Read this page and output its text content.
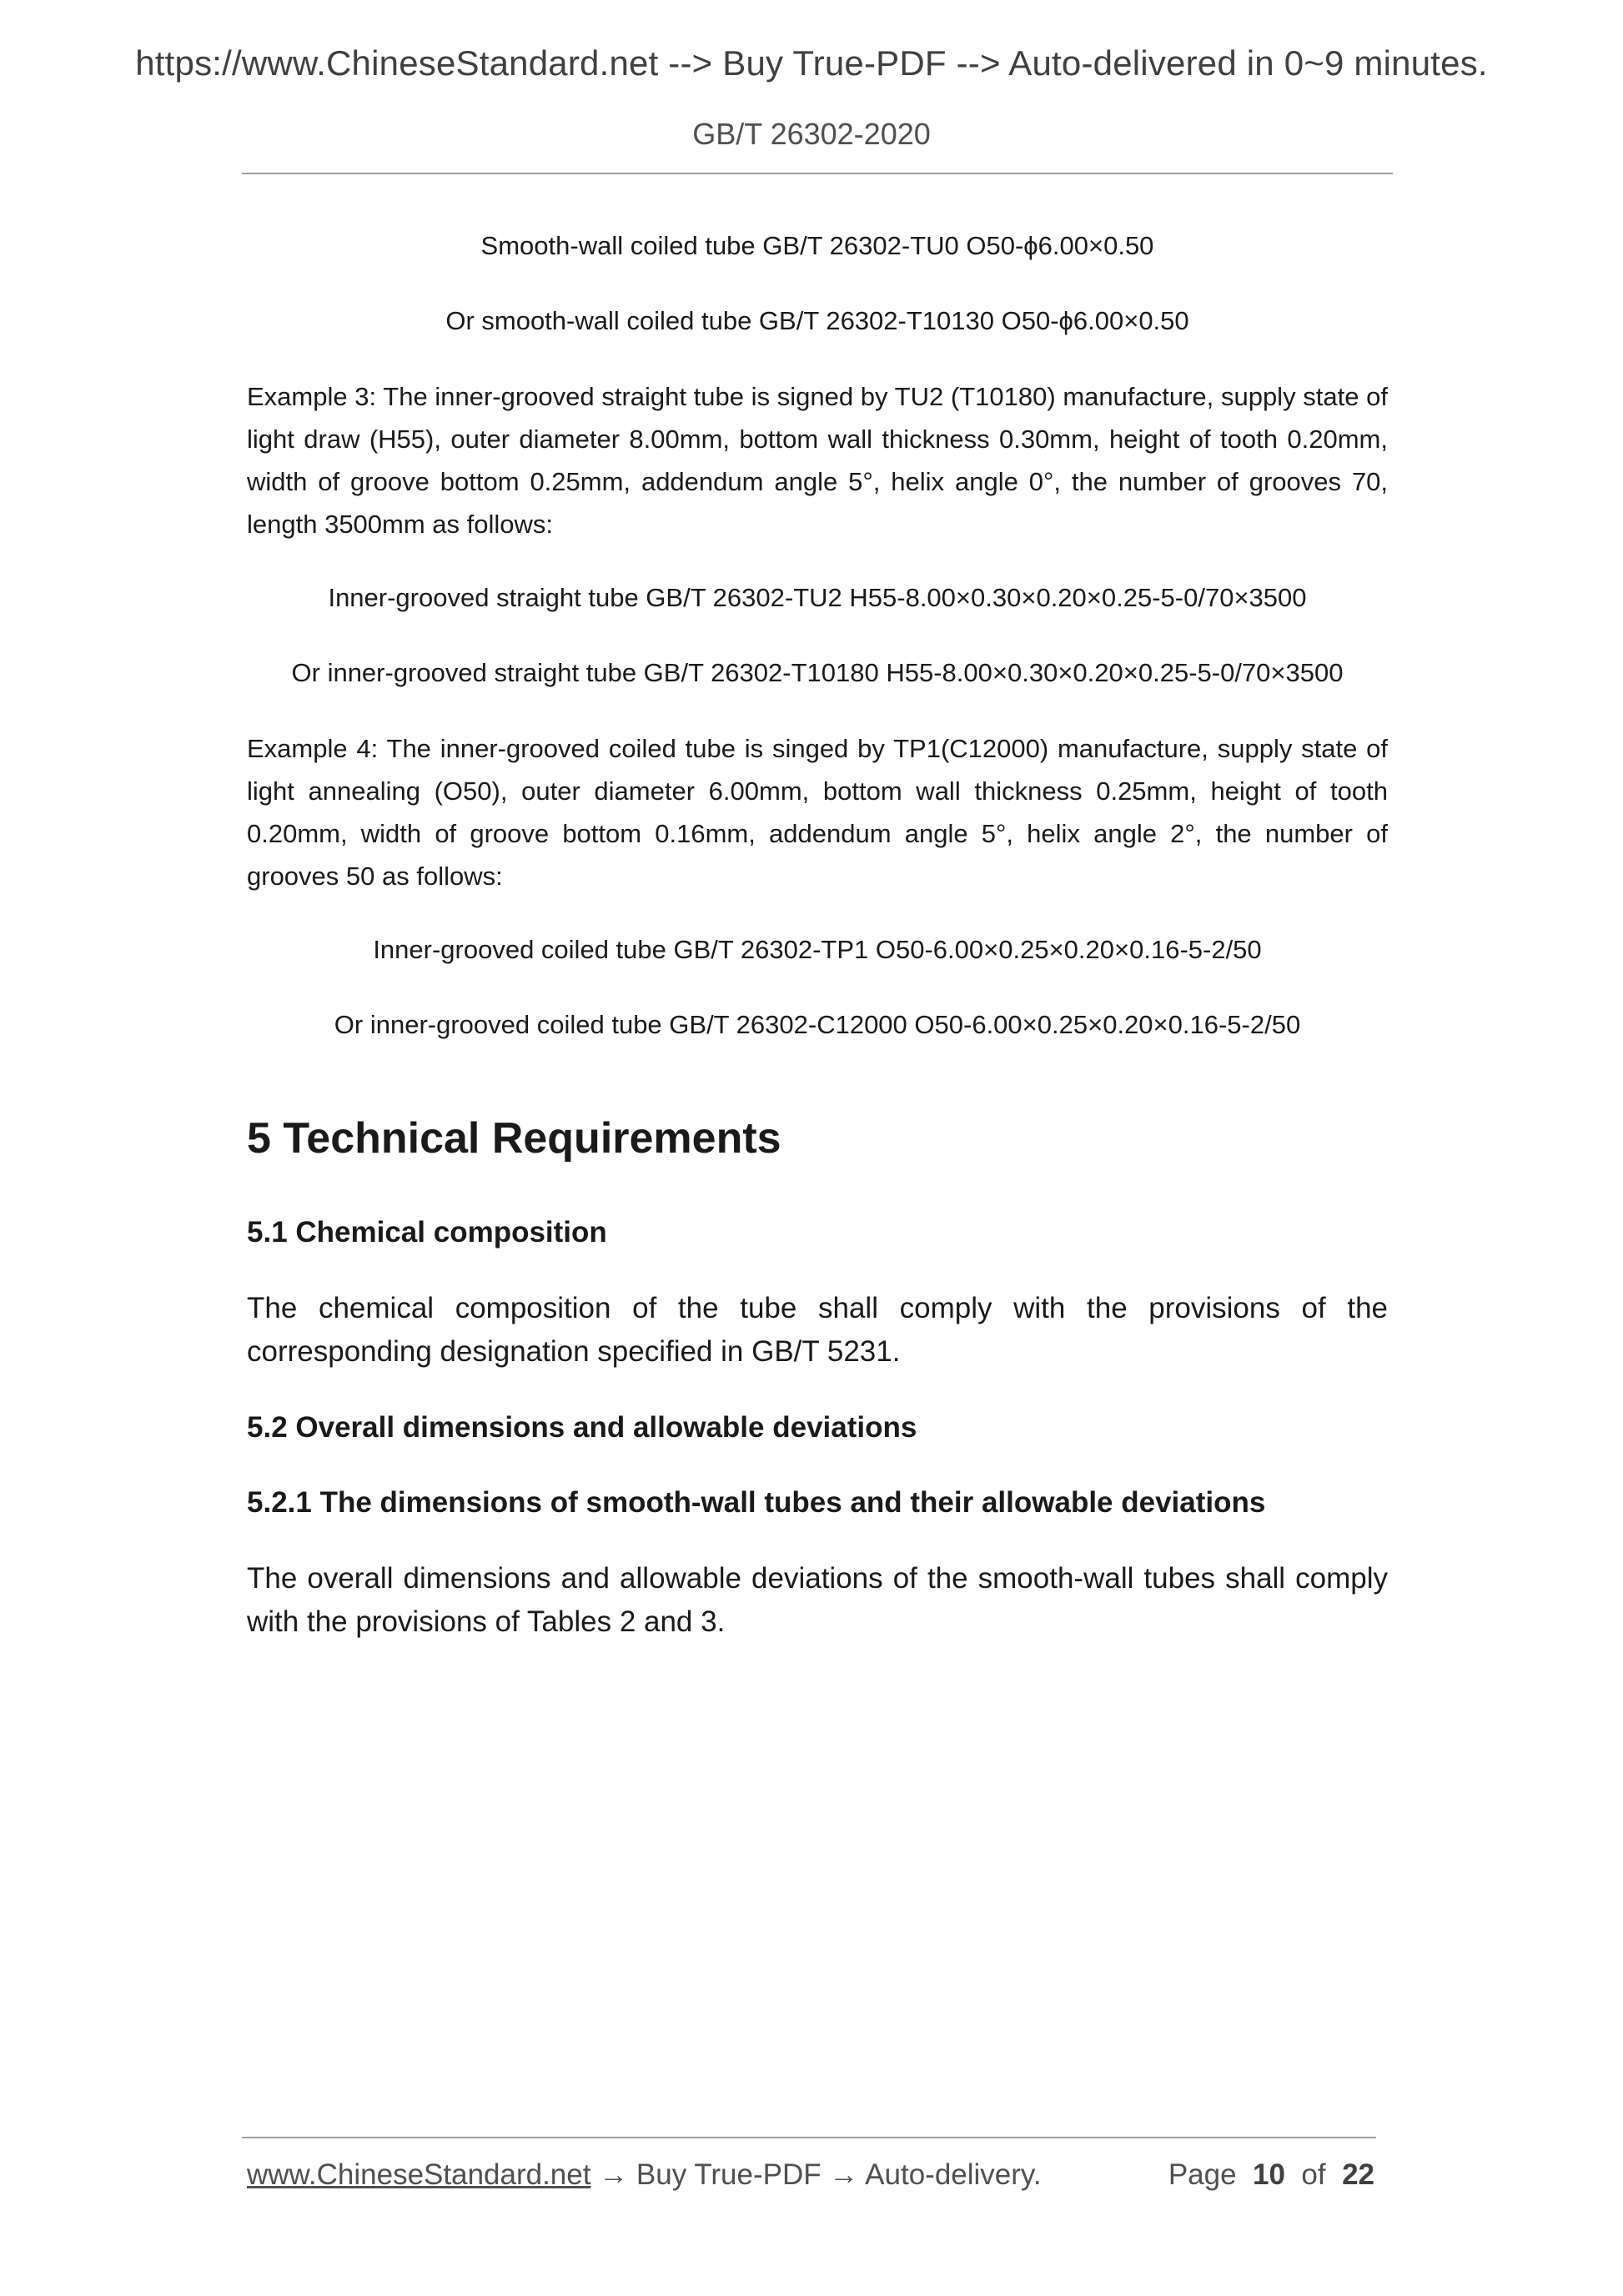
https://www.ChineseStandard.net --> Buy True-PDF --> Auto-delivered in 0~9 minutes.
GB/T 26302-2020

Smooth-wall coiled tube GB/T 26302-TU0 O50-ϕ6.00×0.50

Or smooth-wall coiled tube GB/T 26302-T10130 O50-ϕ6.00×0.50

Example 3: The inner-grooved straight tube is signed by TU2 (T10180) manufacture, supply state of light draw (H55), outer diameter 8.00mm, bottom wall thickness 0.30mm, height of tooth 0.20mm, width of groove bottom 0.25mm, addendum angle 5°, helix angle 0°, the number of grooves 70, length 3500mm as follows:

Inner-grooved straight tube GB/T 26302-TU2 H55-8.00×0.30×0.20×0.25-5-0/70×3500

Or inner-grooved straight tube GB/T 26302-T10180 H55-8.00×0.30×0.20×0.25-5-0/70×3500

Example 4: The inner-grooved coiled tube is singed by TP1(C12000) manufacture, supply state of light annealing (O50), outer diameter 6.00mm, bottom wall thickness 0.25mm, height of tooth 0.20mm, width of groove bottom 0.16mm, addendum angle 5°, helix angle 2°, the number of grooves 50 as follows:

Inner-grooved coiled tube GB/T 26302-TP1 O50-6.00×0.25×0.20×0.16-5-2/50

Or inner-grooved coiled tube GB/T 26302-C12000 O50-6.00×0.25×0.20×0.16-5-2/50

5 Technical Requirements
5.1 Chemical composition

The chemical composition of the tube shall comply with the provisions of the corresponding designation specified in GB/T 5231.

5.2 Overall dimensions and allowable deviations
5.2.1 The dimensions of smooth-wall tubes and their allowable deviations

The overall dimensions and allowable deviations of the smooth-wall tubes shall comply with the provisions of Tables 2 and 3.

www.ChineseStandard.net → Buy True-PDF → Auto-delivery.	Page 10 of 22
